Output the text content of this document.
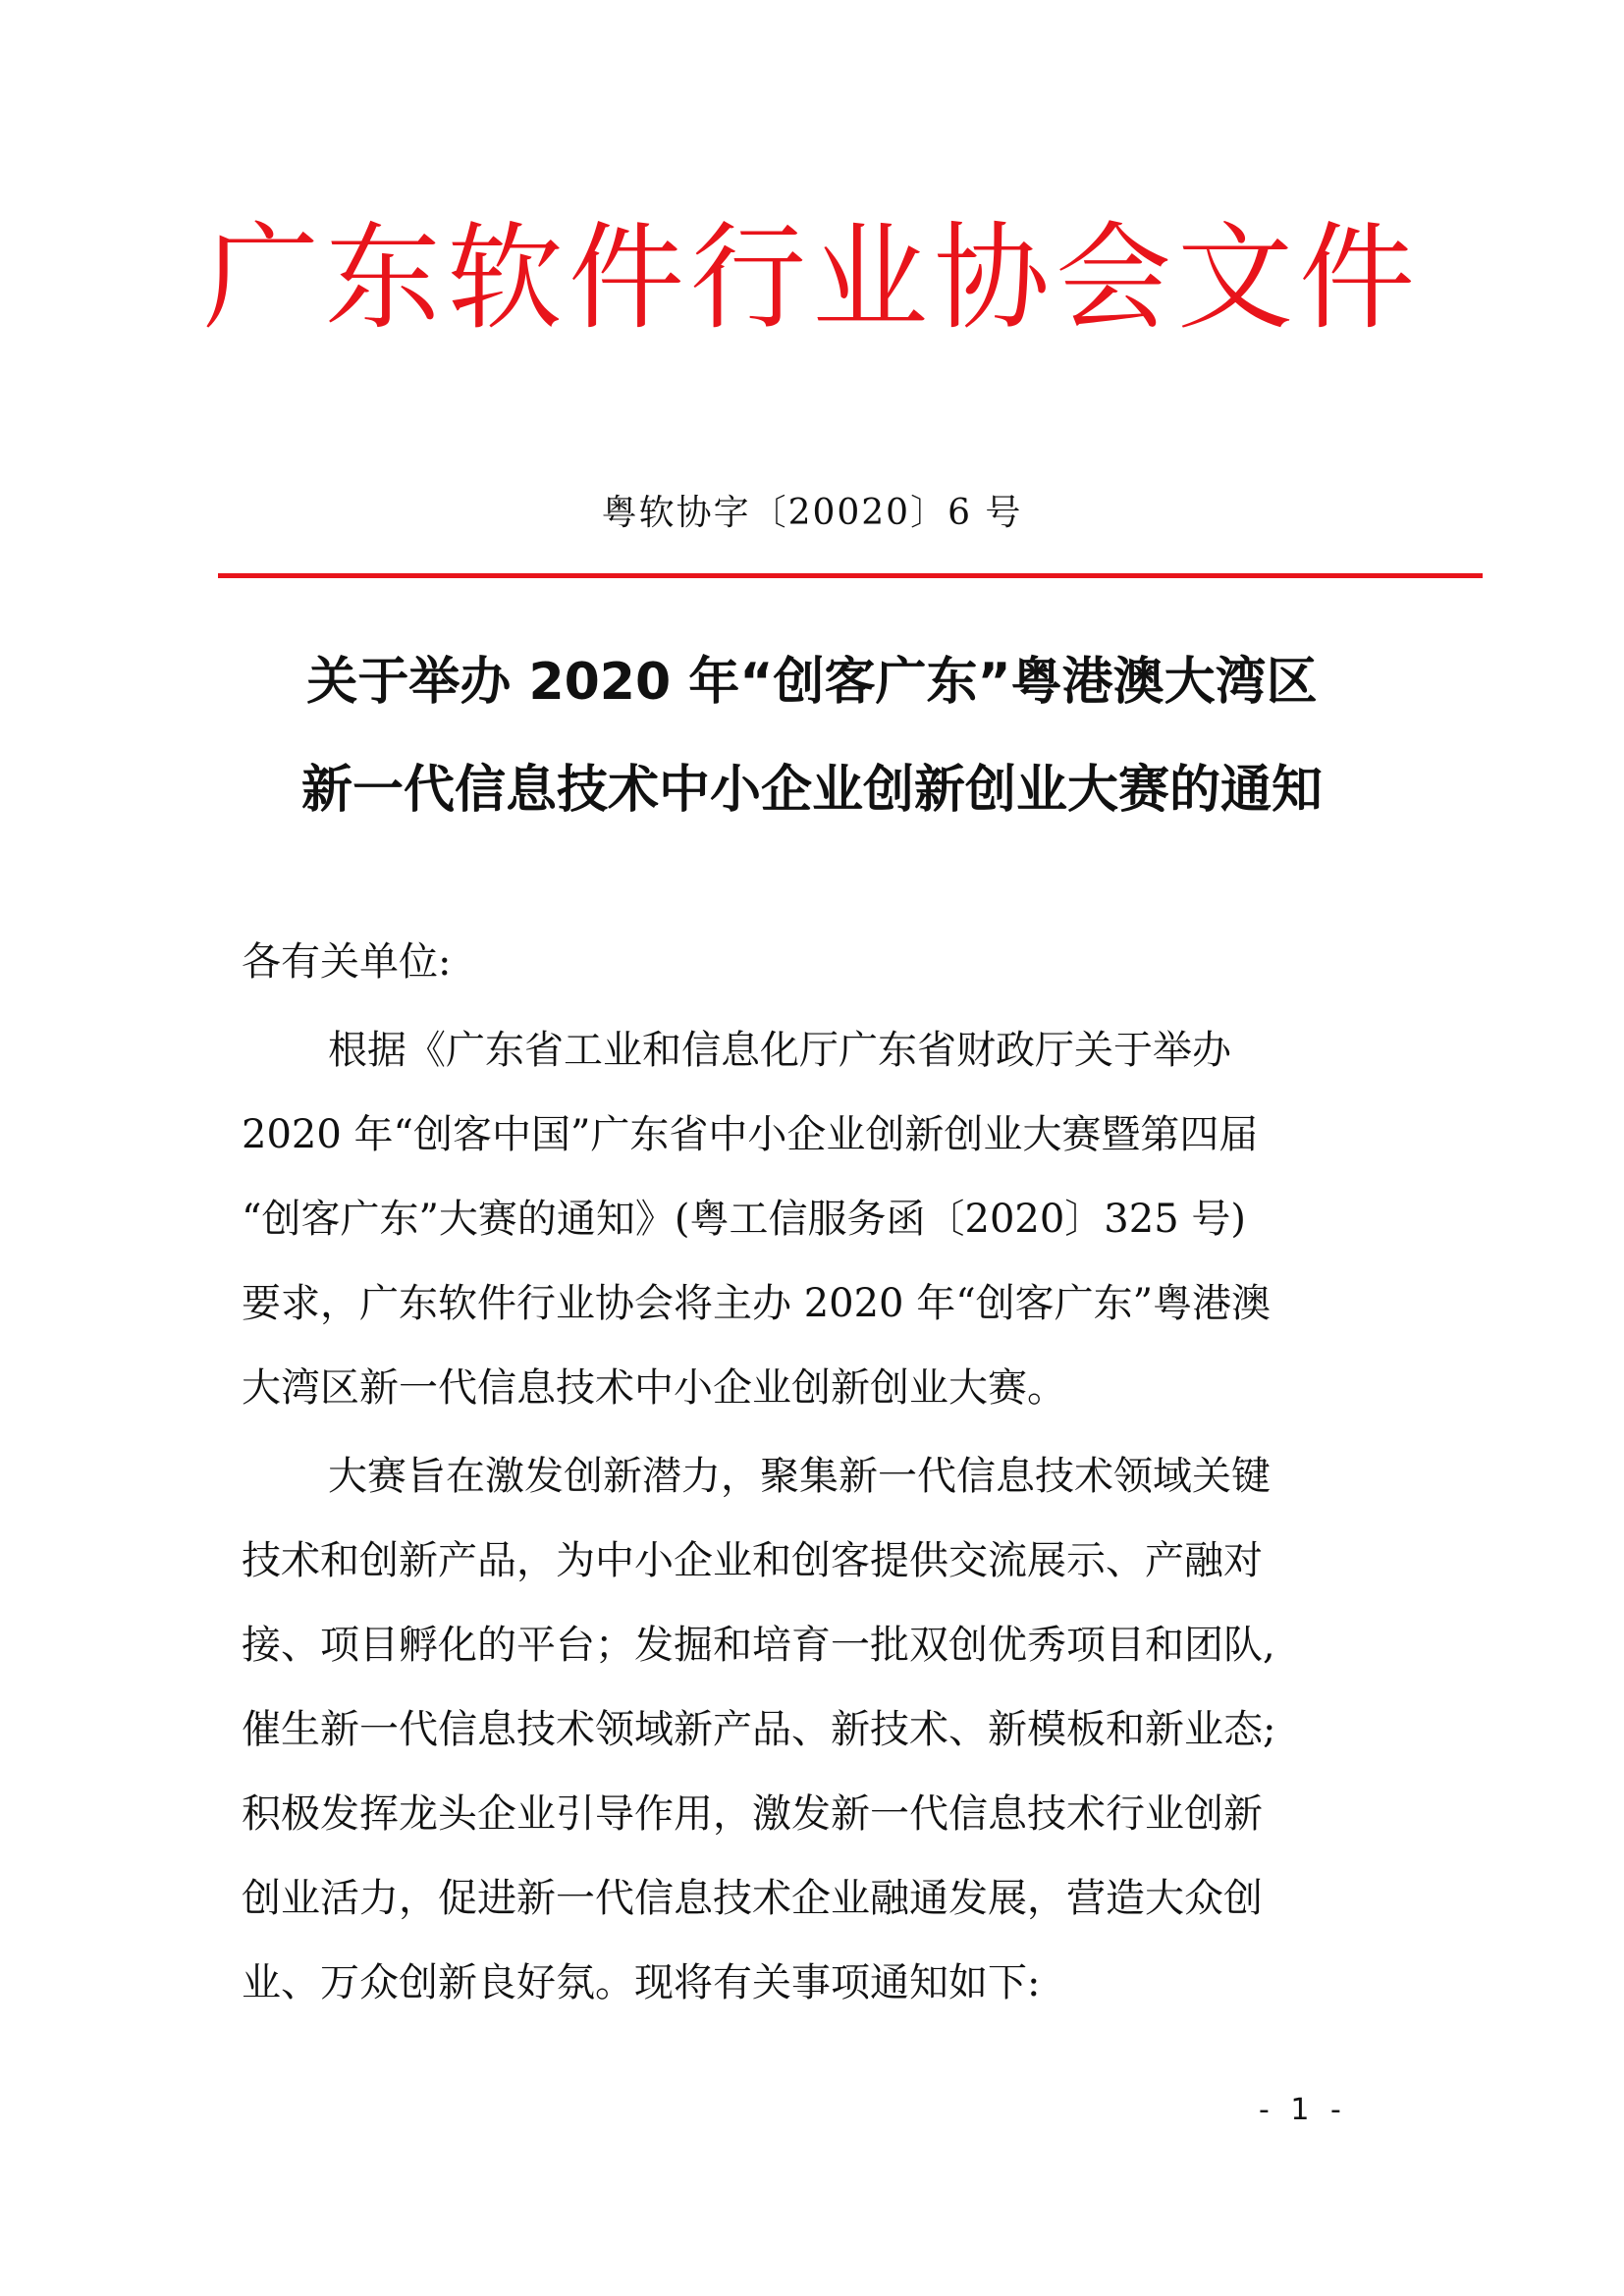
广东软件行业协会文件
粤软协字〔20020〕6 号
关于举办 2020 年“创客广东”粤港澳大湾区
新一代信息技术中小企业创新创业大赛的通知
各有关单位:
根据《广东省工业和信息化厅广东省财政厅关于举办
2020 年“创客中国”广东省中小企业创新创业大赛暨第四届
“创客广东”大赛的通知》(粤工信服务函〔2020〕325 号)
要求，广东软件行业协会将主办 2020 年“创客广东”粤港澳
大湾区新一代信息技术中小企业创新创业大赛。
大赛旨在激发创新潜力，聚集新一代信息技术领域关键
技术和创新产品，为中小企业和创客提供交流展示、产融对
接、项目孵化的平台；发掘和培育一批双创优秀项目和团队,
催生新一代信息技术领域新产品、新技术、新模板和新业态;
积极发挥龙头企业引导作用，激发新一代信息技术行业创新
创业活力，促进新一代信息技术企业融通发展，营造大众创
业、万众创新良好氛。现将有关事项通知如下:
- 1 -
